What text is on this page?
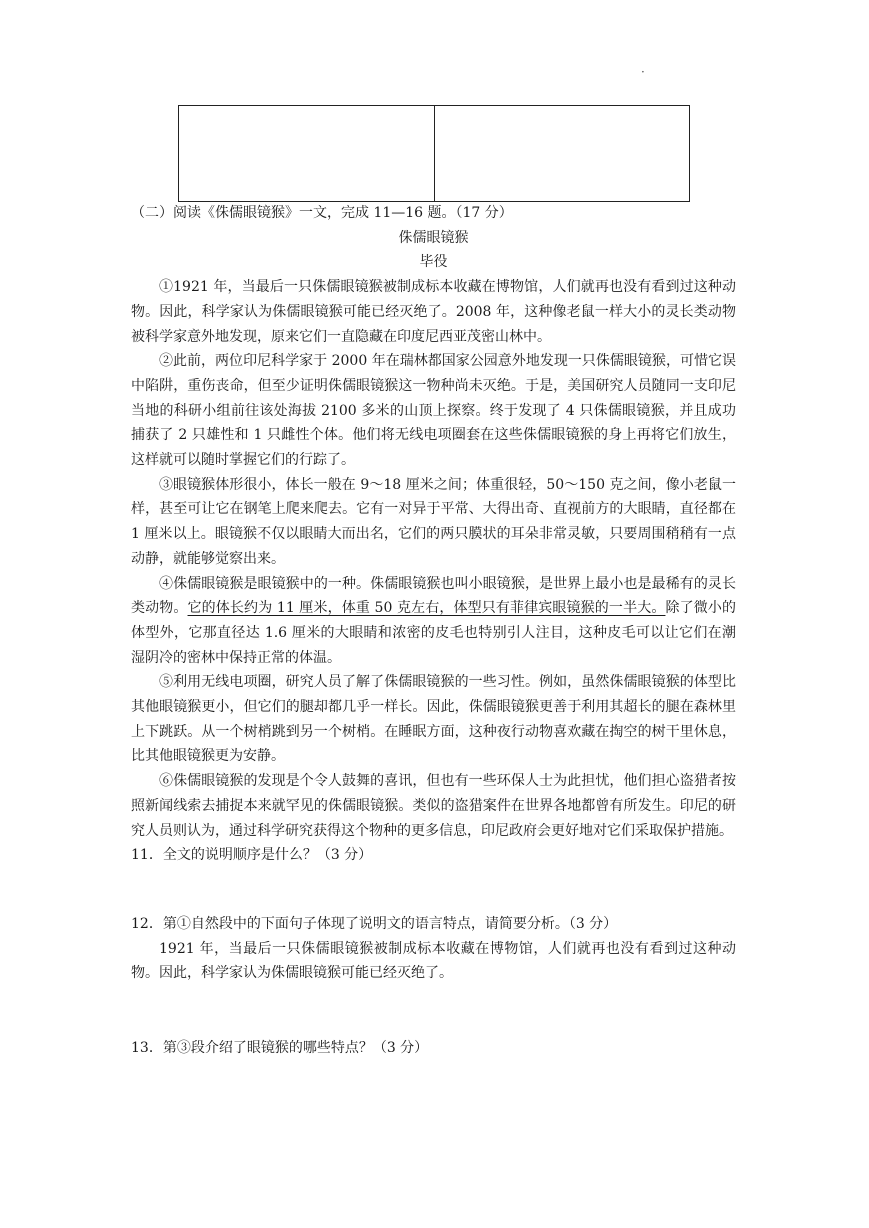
·

（二）阅读《侏儒眼镜猴》一文，完成 11—16 题。（17 分）

侏儒眼镜猴

毕役

①1921 年，当最后一只侏儒眼镜猴被制成标本收藏在博物馆，人们就再也没有看到过这种动物。因此，科学家认为侏儒眼镜猴可能已经灭绝了。2008 年，这种像老鼠一样大小的灵长类动物被科学家意外地发现，原来它们一直隐藏在印度尼西亚茂密山林中。

②此前，两位印尼科学家于 2000 年在瑞林都国家公园意外地发现一只侏儒眼镜猴，可惜它误中陷阱，重伤丧命，但至少证明侏儒眼镜猴这一物种尚未灭绝。于是，美国研究人员随同一支印尼当地的科研小组前往该处海拔 2100 多米的山顶上探察。终于发现了 4 只侏儒眼镜猴，并且成功捕获了 2 只雄性和 1 只雌性个体。他们将无线电项圈套在这些侏儒眼镜猴的身上再将它们放生，这样就可以随时掌握它们的行踪了。

③眼镜猴体形很小，体长一般在 9～18 厘米之间；体重很轻，50～150 克之间，像小老鼠一样，甚至可让它在钢笔上爬来爬去。它有一对异于平常、大得出奇、直视前方的大眼睛，直径都在 1 厘米以上。眼镜猴不仅以眼睛大而出名，它们的两只膜状的耳朵非常灵敏，只要周围稍稍有一点动静，就能够觉察出来。

④侏儒眼镜猴是眼镜猴中的一种。侏儒眼镜猴也叫小眼镜猴，是世界上最小也是最稀有的灵长类动物。它的体长约为 11 厘米，体重 50 克左右，体型只有菲律宾眼镜猴的一半大。除了微小的体型外，它那直径达 1.6 厘米的大眼睛和浓密的皮毛也特别引人注目，这种皮毛可以让它们在潮湿阴冷的密林中保持正常的体温。

⑤利用无线电项圈，研究人员了解了侏儒眼镜猴的一些习性。例如，虽然侏儒眼镜猴的体型比其他眼镜猴更小，但它们的腿却都几乎一样长。因此，侏儒眼镜猴更善于利用其超长的腿在森林里上下跳跃。从一个树梢跳到另一个树梢。在睡眠方面，这种夜行动物喜欢藏在掏空的树干里休息，比其他眼镜猴更为安静。

⑥侏儒眼镜猴的发现是个令人鼓舞的喜讯，但也有一些环保人士为此担忧，他们担心盗猎者按照新闻线索去捕捉本来就罕见的侏儒眼镜猴。类似的盗猎案件在世界各地都曾有所发生。印尼的研究人员则认为，通过科学研究获得这个物种的更多信息，印尼政府会更好地对它们采取保护措施。

11．全文的说明顺序是什么？（3 分）

12．第①自然段中的下面句子体现了说明文的语言特点，请简要分析。（3 分）

1921 年，当最后一只侏儒眼镜猴被制成标本收藏在博物馆，人们就再也没有看到过这种动物。因此，科学家认为侏儒眼镜猴可能已经灭绝了。

13．第③段介绍了眼镜猴的哪些特点？（3 分）
